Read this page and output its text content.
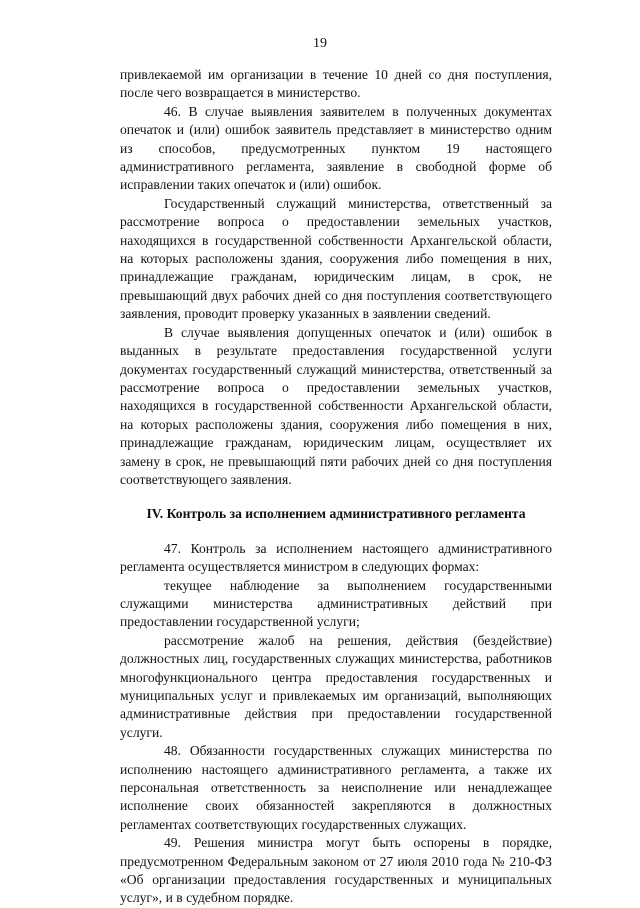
19

привлекаемой им организации в течение 10 дней со дня поступления, после чего возвращается в министерство.

46. В случае выявления заявителем в полученных документах опечаток и (или) ошибок заявитель представляет в министерство одним из способов, предусмотренных пунктом 19 настоящего административного регламента, заявление в свободной форме об исправлении таких опечаток и (или) ошибок.

Государственный служащий министерства, ответственный за рассмотрение вопроса о предоставлении земельных участков, находящихся в государственной собственности Архангельской области, на которых расположены здания, сооружения либо помещения в них, принадлежащие гражданам, юридическим лицам, в срок, не превышающий двух рабочих дней со дня поступления соответствующего заявления, проводит проверку указанных в заявлении сведений.

В случае выявления допущенных опечаток и (или) ошибок в выданных в результате предоставления государственной услуги документах государственный служащий министерства, ответственный за рассмотрение вопроса о предоставлении земельных участков, находящихся в государственной собственности Архангельской области, на которых расположены здания, сооружения либо помещения в них, принадлежащие гражданам, юридическим лицам, осуществляет их замену в срок, не превышающий пяти рабочих дней со дня поступления соответствующего заявления.

IV. Контроль за исполнением административного регламента

47. Контроль за исполнением настоящего административного регламента осуществляется министром в следующих формах:

текущее наблюдение за выполнением государственными служащими министерства административных действий при предоставлении государственной услуги;

рассмотрение жалоб на решения, действия (бездействие) должностных лиц, государственных служащих министерства, работников многофункционального центра предоставления государственных и муниципальных услуг и привлекаемых им организаций, выполняющих административные действия при предоставлении государственной услуги.

48. Обязанности государственных служащих министерства по исполнению настоящего административного регламента, а также их персональная ответственность за неисполнение или ненадлежащее исполнение своих обязанностей закрепляются в должностных регламентах соответствующих государственных служащих.

49. Решения министра могут быть оспорены в порядке, предусмотренном Федеральным законом от 27 июля 2010 года № 210-ФЗ «Об организации предоставления государственных и муниципальных услуг», и в судебном порядке.
